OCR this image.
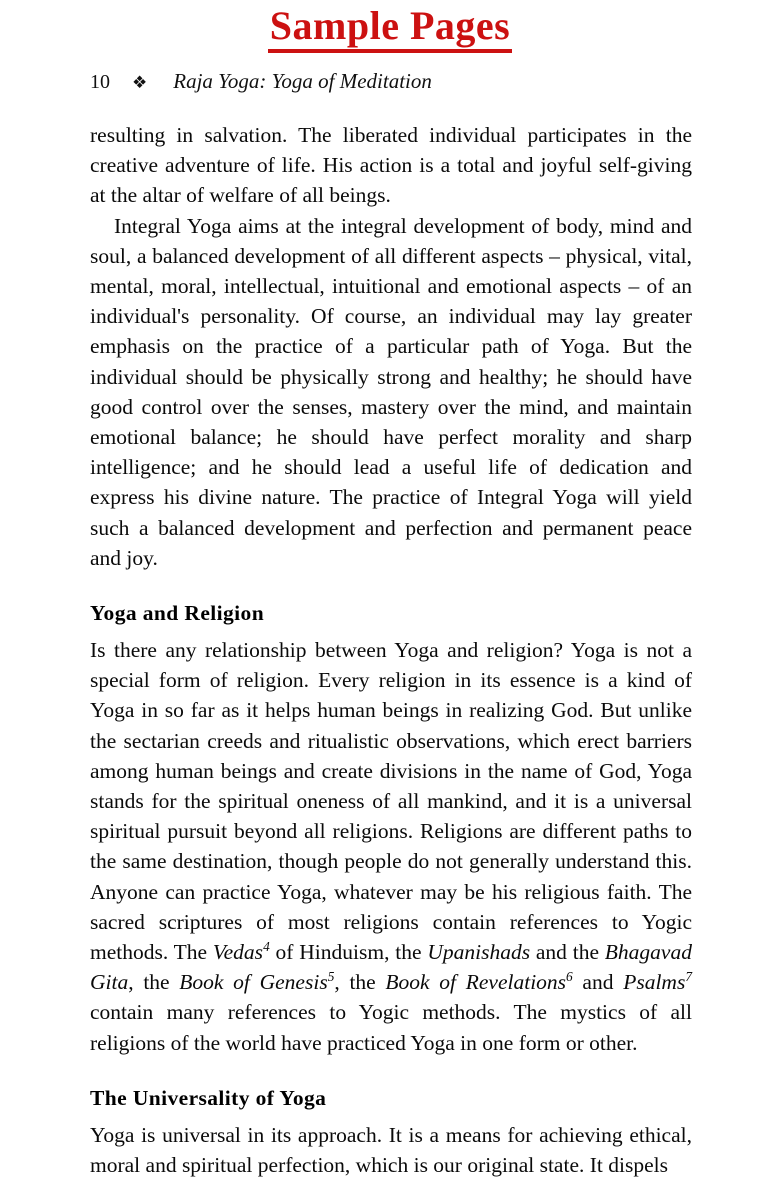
Sample Pages
10 ❖ Raja Yoga: Yoga of Meditation

resulting in salvation. The liberated individual participates in the creative adventure of life. His action is a total and joyful self-giving at the altar of welfare of all beings.

Integral Yoga aims at the integral development of body, mind and soul, a balanced development of all different aspects – physical, vital, mental, moral, intellectual, intuitional and emotional aspects – of an individual's personality. Of course, an individual may lay greater emphasis on the practice of a particular path of Yoga. But the individual should be physically strong and healthy; he should have good control over the senses, mastery over the mind, and maintain emotional balance; he should have perfect morality and sharp intelligence; and he should lead a useful life of dedication and express his divine nature. The practice of Integral Yoga will yield such a balanced development and perfection and permanent peace and joy.

Yoga and Religion

Is there any relationship between Yoga and religion? Yoga is not a special form of religion. Every religion in its essence is a kind of Yoga in so far as it helps human beings in realizing God. But unlike the sectarian creeds and ritualistic observations, which erect barriers among human beings and create divisions in the name of God, Yoga stands for the spiritual oneness of all mankind, and it is a universal spiritual pursuit beyond all religions. Religions are different paths to the same destination, though people do not generally understand this. Anyone can practice Yoga, whatever may be his religious faith. The sacred scriptures of most religions contain references to Yogic methods. The Vedas$^4$ of Hinduism, the Upanishads and the Bhagavad Gita, the Book of Genesis$^5$, the Book of Revelations$^6$ and Psalms$^7$ contain many references to Yogic methods. The mystics of all religions of the world have practiced Yoga in one form or other.

The Universality of Yoga

Yoga is universal in its approach. It is a means for achieving ethical, moral and spiritual perfection, which is our original state. It dispels
